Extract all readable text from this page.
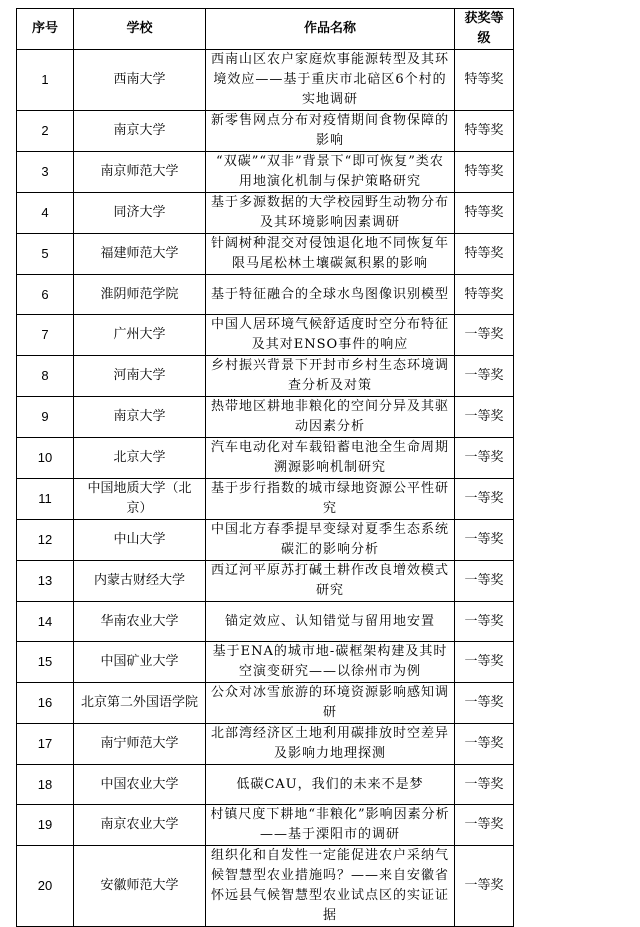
序号	学校	作品名称	获奖等级
1	西南大学	西南山区农户家庭炊事能源转型及其环境效应——基于重庆市北碚区6个村的实地调研	特等奖
2	南京大学	新零售网点分布对疫情期间食物保障的影响	特等奖
3	南京师范大学	“双碳”“双非”背景下“即可恢复”类农用地演化机制与保护策略研究	特等奖
4	同济大学	基于多源数据的大学校园野生动物分布及其环境影响因素调研	特等奖
5	福建师范大学	针阔树种混交对侵蚀退化地不同恢复年限马尾松林土壤碳氮积累的影响	特等奖
6	淮阴师范学院	基于特征融合的全球水鸟图像识别模型	特等奖
7	广州大学	中国人居环境气候舒适度时空分布特征及其对ENSO事件的响应	一等奖
8	河南大学	乡村振兴背景下开封市乡村生态环境调查分析及对策	一等奖
9	南京大学	热带地区耕地非粮化的空间分异及其驱动因素分析	一等奖
10	北京大学	汽车电动化对车载铅蓄电池全生命周期溯源影响机制研究	一等奖
11	中国地质大学（北京）	基于步行指数的城市绿地资源公平性研究	一等奖
12	中山大学	中国北方春季提早变绿对夏季生态系统碳汇的影响分析	一等奖
13	内蒙古财经大学	西辽河平原苏打碱土耕作改良增效模式研究	一等奖
14	华南农业大学	锚定效应、认知错觉与留用地安置	一等奖
15	中国矿业大学	基于ENA的城市地-碳框架构建及其时空演变研究——以徐州市为例	一等奖
16	北京第二外国语学院	公众对冰雪旅游的环境资源影响感知调研	一等奖
17	南宁师范大学	北部湾经济区土地利用碳排放时空差异及影响力地理探测	一等奖
18	中国农业大学	低碳CAU，我们的未来不是梦	一等奖
19	南京农业大学	村镇尺度下耕地“非粮化”影响因素分析——基于溧阳市的调研	一等奖
20	安徽师范大学	组织化和自发性一定能促进农户采纳气候智慧型农业措施吗？——来自安徽省怀远县气候智慧型农业试点区的实证证据	一等奖
